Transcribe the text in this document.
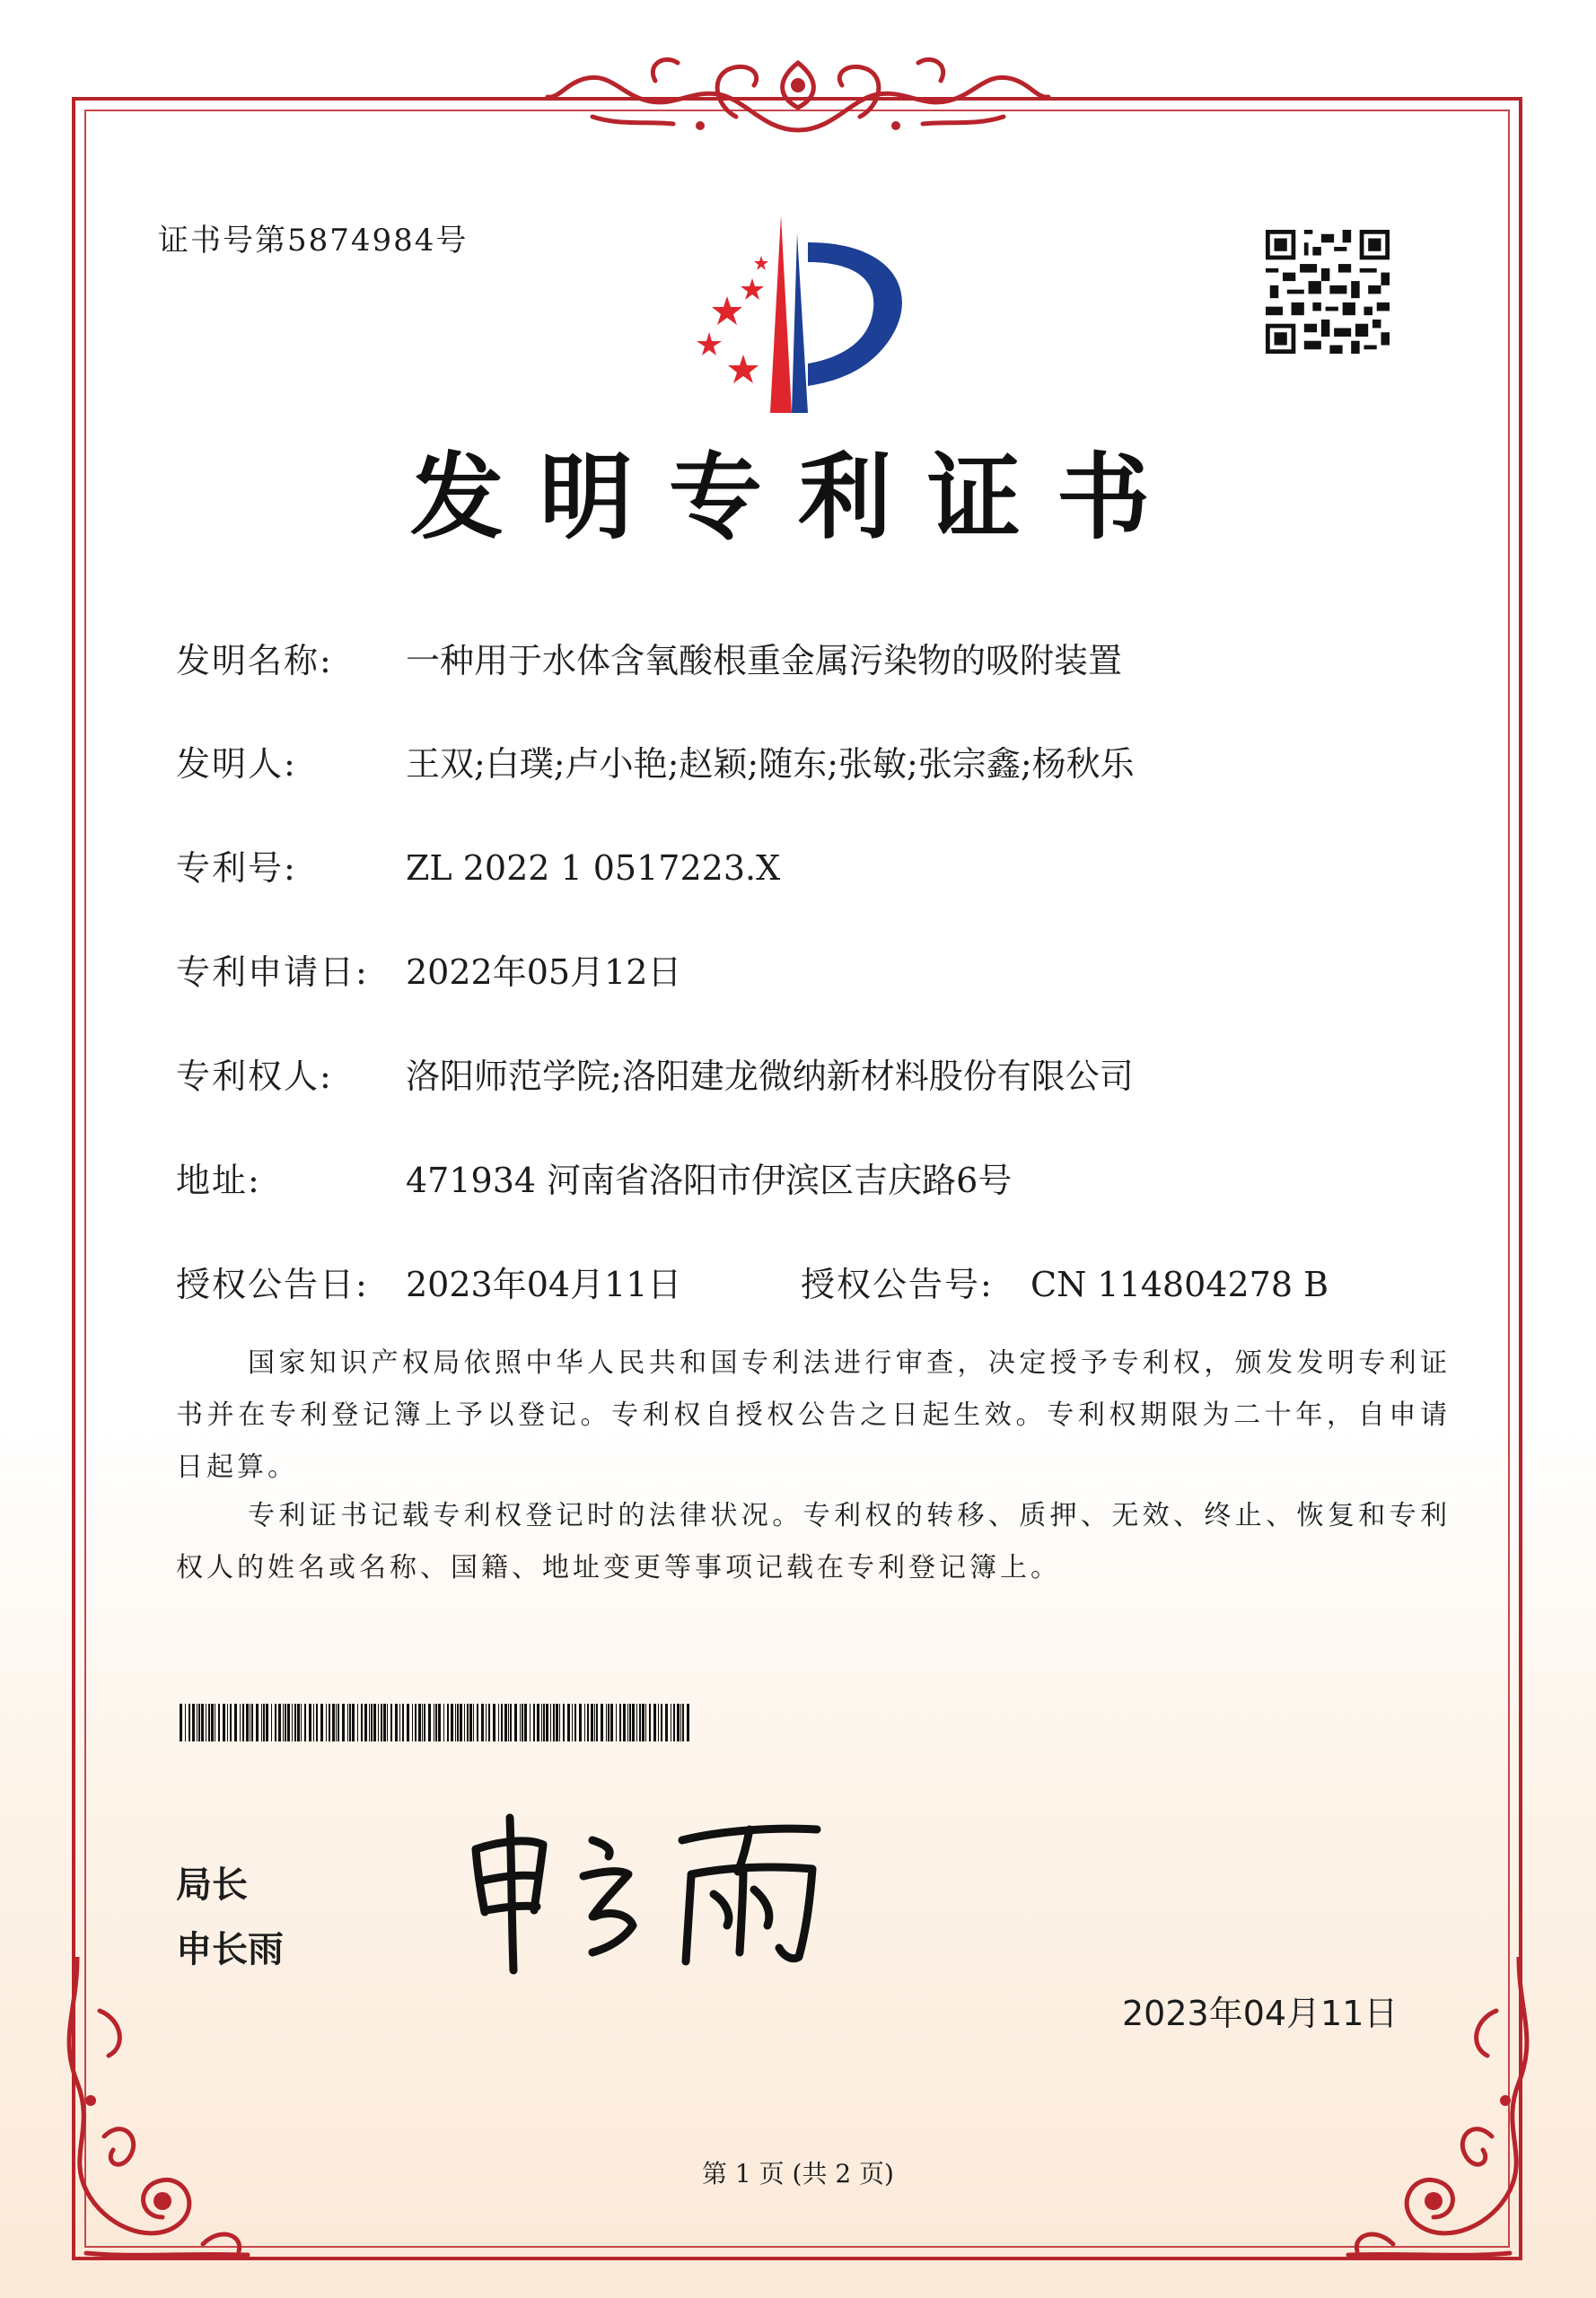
证书号第5874984号
发明专利证书
发明名称:	一种用于水体含氧酸根重金属污染物的吸附装置
发明人:	王双;白璞;卢小艳;赵颖;随东;张敏;张宗鑫;杨秋乐
专利号:	ZL 2022 1 0517223.X
专利申请日:	2022年05月12日
专利权人:	洛阳师范学院;洛阳建龙微纳新材料股份有限公司
地址:	471934 河南省洛阳市伊滨区吉庆路6号
授权公告日:	2023年04月11日	授权公告号:	CN 114804278 B
国家知识产权局依照中华人民共和国专利法进行审查，决定授予专利权，颁发发明专利证书并在专利登记簿上予以登记。专利权自授权公告之日起生效。专利权期限为二十年，自申请日起算。
专利证书记载专利权登记时的法律状况。专利权的转移、质押、无效、终止、恢复和专利权人的姓名或名称、国籍、地址变更等事项记载在专利登记簿上。
局长
申长雨
2023年04月11日
第 1 页 (共 2 页)
